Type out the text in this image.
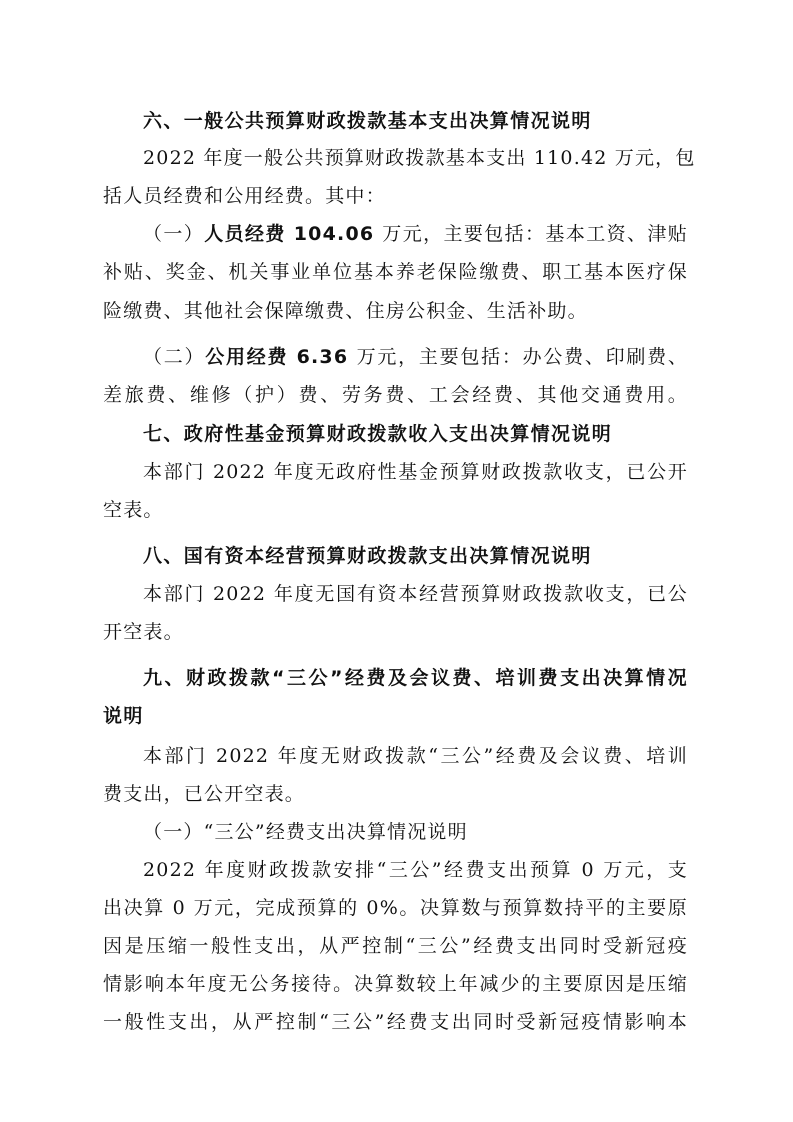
六、一般公共预算财政拨款基本支出决算情况说明
2022 年度一般公共预算财政拨款基本支出 110.42 万元，包
括人员经费和公用经费。其中：
（一）人员经费 104.06 万元，主要包括：基本工资、津贴
补贴、奖金、机关事业单位基本养老保险缴费、职工基本医疗保
险缴费、其他社会保障缴费、住房公积金、生活补助。
（二）公用经费 6.36 万元，主要包括：办公费、印刷费、
差旅费、维修（护）费、劳务费、工会经费、其他交通费用。
七、政府性基金预算财政拨款收入支出决算情况说明
本部门 2022 年度无政府性基金预算财政拨款收支，已公开
空表。
八、国有资本经营预算财政拨款支出决算情况说明
本部门 2022 年度无国有资本经营预算财政拨款收支，已公
开空表。
九、财政拨款“三公”经费及会议费、培训费支出决算情况
说明
本部门 2022 年度无财政拨款“三公”经费及会议费、培训
费支出，已公开空表。
（一）“三公”经费支出决算情况说明
2022 年度财政拨款安排“三公”经费支出预算 0 万元，支
出决算 0 万元，完成预算的 0%。决算数与预算数持平的主要原
因是压缩一般性支出，从严控制“三公”经费支出同时受新冠疫
情影响本年度无公务接待。决算数较上年减少的主要原因是压缩
一般性支出，从严控制“三公”经费支出同时受新冠疫情影响本
